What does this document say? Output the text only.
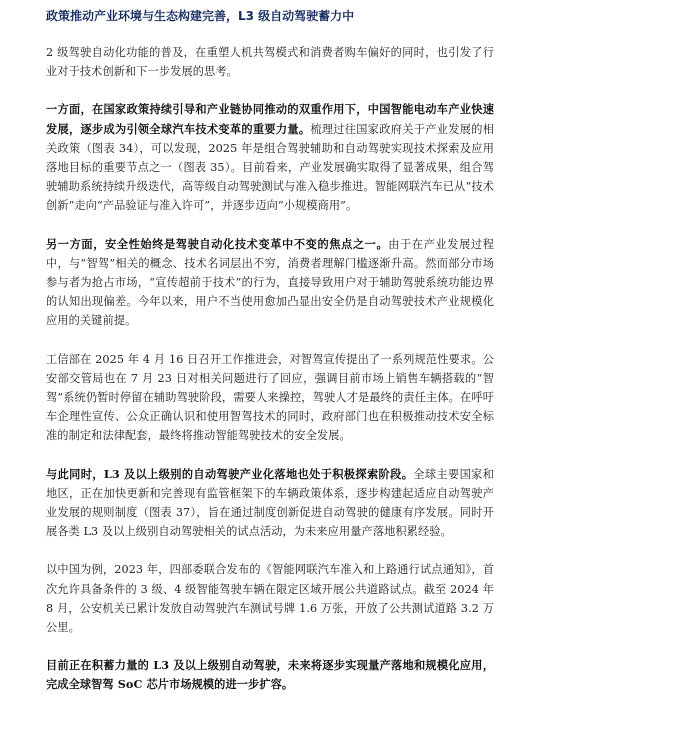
政策推动产业环境与生态构建完善，L3 级自动驾驶蓄力中

2 级驾驶自动化功能的普及，在重塑人机共驾模式和消费者购车偏好的同时，也引发了行业对于技术创新和下一步发展的思考。

一方面，在国家政策持续引导和产业链协同推动的双重作用下，中国智能电动车产业快速发展，逐步成为引领全球汽车技术变革的重要力量。梳理过往国家政府关于产业发展的相关政策（图表 34），可以发现，2025 年是组合驾驶辅助和自动驾驶实现技术探索及应用落地目标的重要节点之一（图表 35）。目前看来，产业发展确实取得了显著成果，组合驾驶辅助系统持续升级迭代，高等级自动驾驶测试与准入稳步推进。智能网联汽车已从“技术创新”走向“产品验证与准入许可”，并逐步迈向“小规模商用”。

另一方面，安全性始终是驾驶自动化技术变革中不变的焦点之一。由于在产业发展过程中，与“智驾”相关的概念、技术名词层出不穷，消费者理解门槛逐渐升高。然而部分市场参与者为抢占市场，“宣传超前于技术”的行为，直接导致用户对于辅助驾驶系统功能边界的认知出现偏差。今年以来，用户不当使用愈加凸显出安全仍是自动驾驶技术产业规模化应用的关键前提。

工信部在 2025 年 4 月 16 日召开工作推进会，对智驾宣传提出了一系列规范性要求。公安部交管局也在 7 月 23 日对相关问题进行了回应，强调目前市场上销售车辆搭载的“智驾”系统仍暂时停留在辅助驾驶阶段，需要人来操控，驾驶人才是最终的责任主体。在呼吁车企理性宣传、公众正确认识和使用智驾技术的同时，政府部门也在积极推动技术安全标准的制定和法律配套，最终将推动智能驾驶技术的安全发展。

与此同时，L3 及以上级别的自动驾驶产业化落地也处于积极探索阶段。全球主要国家和地区，正在加快更新和完善现有监管框架下的车辆政策体系，逐步构建起适应自动驾驶产业发展的规则制度（图表 37），旨在通过制度创新促进自动驾驶的健康有序发展。同时开展各类 L3 及以上级别自动驾驶相关的试点活动，为未来应用量产落地积累经验。

以中国为例，2023 年，四部委联合发布的《智能网联汽车准入和上路通行试点通知》，首次允许具备条件的 3 级、4 级智能驾驶车辆在限定区域开展公共道路试点。截至 2024 年 8 月，公安机关已累计发放自动驾驶汽车测试号牌 1.6 万张，开放了公共测试道路 3.2 万公里。

目前正在积蓄力量的 L3 及以上级别自动驾驶，未来将逐步实现量产落地和规模化应用，完成全球智驾 SoC 芯片市场规模的进一步扩容。
